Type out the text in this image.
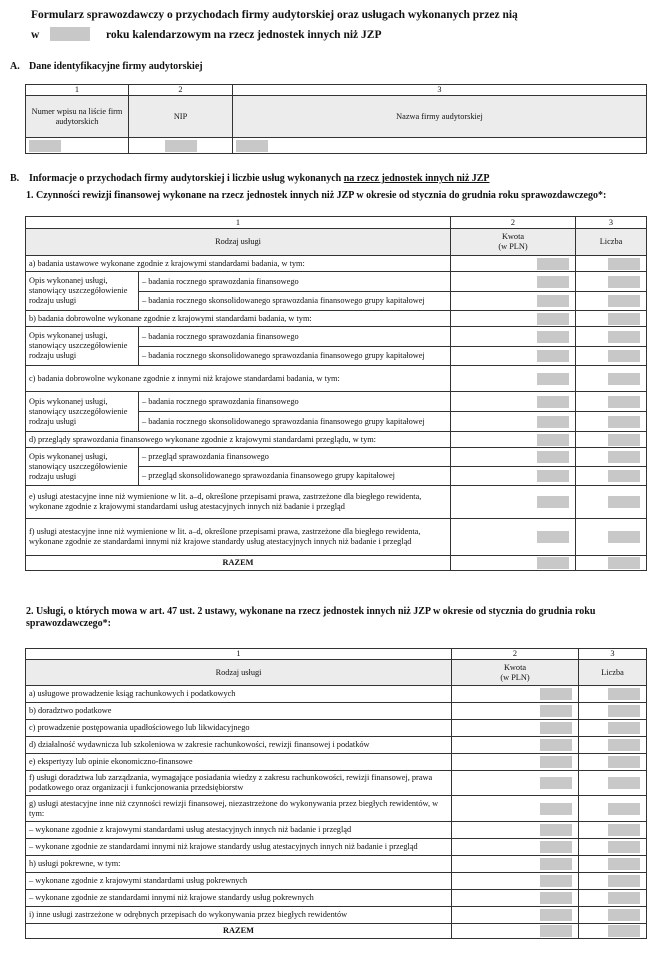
Formularz sprawozdawczy o przychodach firmy audytorskiej oraz usługach wykonanych przez nią
w	roku kalendarzowym na rzecz jednostek innych niż JZP
A. Dane identyfikacyjne firmy audytorskiej
1	2	3
Numer wpisu na liście firm audytorskich	NIP	Nazwa firmy audytorskiej

B. Informacje o przychodach firmy audytorskiej i liczbie usług wykonanych na rzecz jednostek innych niż JZP
1. Czynności rewizji finansowej wykonane na rzecz jednostek innych niż JZP w okresie od stycznia do grudnia roku sprawozdawczego*:
1		2	3
Rodzaj usługi		Kwota
(w PLN)	Liczba
a) badania ustawowe wykonane zgodnie z krajowymi standardami badania, w tym:		

Opis wykonanej usługi, stanowiący uszczegółowienie rodzaju usługi	– badania rocznego sprawozdania finansowego	

	– badania rocznego skonsolidowanego sprawozdania finansowego grupy kapitałowej	

b) badania dobrowolne wykonane zgodnie z krajowymi standardami badania, w tym:		

Opis wykonanej usługi, stanowiący uszczegółowienie rodzaju usługi	– badania rocznego sprawozdania finansowego	

	– badania rocznego skonsolidowanego sprawozdania finansowego grupy kapitałowej	

c) badania dobrowolne wykonane zgodnie z innymi niż krajowe standardami badania, w tym:		

Opis wykonanej usługi, stanowiący uszczegółowienie rodzaju usługi	– badania rocznego sprawozdania finansowego	

	– badania rocznego skonsolidowanego sprawozdania finansowego grupy kapitałowej	

d) przeglądy sprawozdania finansowego wykonane zgodnie z krajowymi standardami przeglądu, w tym:		

Opis wykonanej usługi, stanowiący uszczegółowienie rodzaju usługi	– przegląd sprawozdania finansowego	

	– przegląd skonsolidowanego sprawozdania finansowego grupy kapitałowej	

e) usługi atestacyjne inne niż wymienione w lit. a–d, określone przepisami prawa, zastrzeżone dla biegłego rewidenta, wykonane zgodnie z krajowymi standardami usług atestacyjnych innych niż badanie i przegląd		

f) usługi atestacyjne inne niż wymienione w lit. a–d, określone przepisami prawa, zastrzeżone dla biegłego rewidenta, wykonane zgodnie ze standardami innymi niż krajowe standardy usług atestacyjnych innych niż badanie i przegląd		

RAZEM		

2. Usługi, o których mowa w art. 47 ust. 2 ustawy, wykonane na rzecz jednostek innych niż JZP w okresie od stycznia do grudnia roku sprawozdawczego*:
1	2	3
Rodzaj usługi	Kwota
(w PLN)	Liczba
a) usługowe prowadzenie ksiąg rachunkowych i podatkowych	

b) doradztwo podatkowe	

c) prowadzenie postępowania upadłościowego lub likwidacyjnego	

d) działalność wydawnicza lub szkoleniowa w zakresie rachunkowości, rewizji finansowej i podatków	

e) ekspertyzy lub opinie ekonomiczno-finansowe	

f) usługi doradztwa lub zarządzania, wymagające posiadania wiedzy z zakresu rachunkowości, rewizji finansowej, prawa podatkowego oraz organizacji i funkcjonowania przedsiębiorstw	

g) usługi atestacyjne inne niż czynności rewizji finansowej, niezastrzeżone do wykonywania przez biegłych rewidentów, w tym:	

– wykonane zgodnie z krajowymi standardami usług atestacyjnych innych niż badanie i przegląd	

– wykonane zgodnie ze standardami innymi niż krajowe standardy usług atestacyjnych innych niż badanie i przegląd	

h) usługi pokrewne, w tym:	

– wykonane zgodnie z krajowymi standardami usług pokrewnych	

– wykonane zgodnie ze standardami innymi niż krajowe standardy usług pokrewnych	

i) inne usługi zastrzeżone w odrębnych przepisach do wykonywania przez biegłych rewidentów	

RAZEM	
